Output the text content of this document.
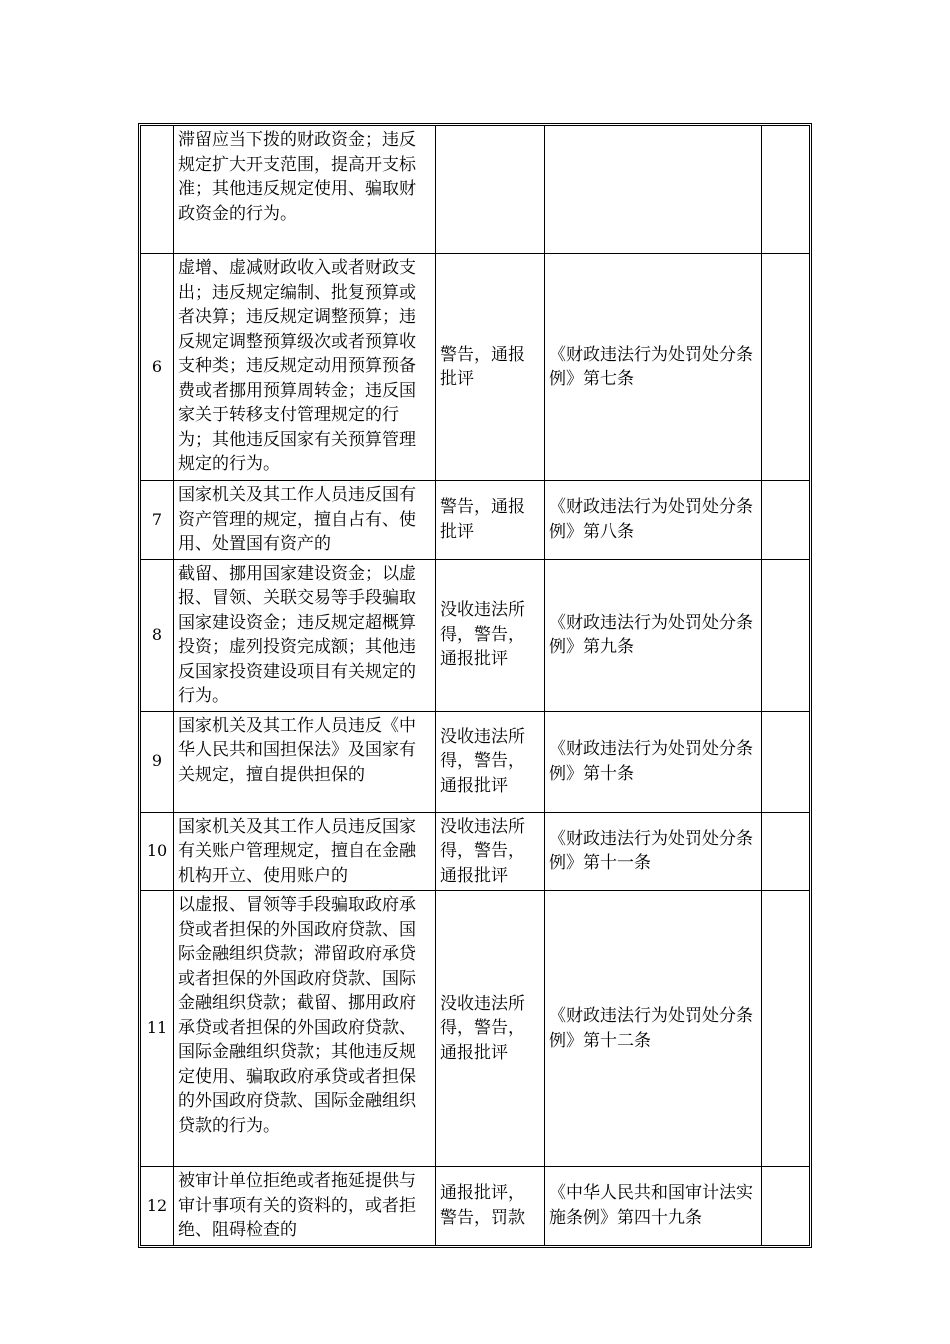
	滞留应当下拨的财政资金；违反规定扩大开支范围，提高开支标准；其他违反规定使用、骗取财政资金的行为。			
6	虚增、虚减财政收入或者财政支出；违反规定编制、批复预算或者决算；违反规定调整预算；违反规定调整预算级次或者预算收支种类；违反规定动用预算预备费或者挪用预算周转金；违反国家关于转移支付管理规定的行为；其他违反国家有关预算管理规定的行为。	警告，通报批评	《财政违法行为处罚处分条例》第七条	
7	国家机关及其工作人员违反国有资产管理的规定，擅自占有、使用、处置国有资产的	警告，通报批评	《财政违法行为处罚处分条例》第八条	
8	截留、挪用国家建设资金；以虚报、冒领、关联交易等手段骗取国家建设资金；违反规定超概算投资；虚列投资完成额；其他违反国家投资建设项目有关规定的行为。	没收违法所得，警告，通报批评	《财政违法行为处罚处分条例》第九条	
9	国家机关及其工作人员违反《中华人民共和国担保法》及国家有关规定，擅自提供担保的	没收违法所得，警告，通报批评	《财政违法行为处罚处分条例》第十条	
10	国家机关及其工作人员违反国家有关账户管理规定，擅自在金融机构开立、使用账户的	没收违法所得，警告，通报批评	《财政违法行为处罚处分条例》第十一条	
11	以虚报、冒领等手段骗取政府承贷或者担保的外国政府贷款、国际金融组织贷款；滞留政府承贷或者担保的外国政府贷款、国际金融组织贷款；截留、挪用政府承贷或者担保的外国政府贷款、国际金融组织贷款；其他违反规定使用、骗取政府承贷或者担保的外国政府贷款、国际金融组织贷款的行为。	没收违法所得，警告，通报批评	《财政违法行为处罚处分条例》第十二条	
12	被审计单位拒绝或者拖延提供与审计事项有关的资料的，或者拒绝、阻碍检查的	通报批评，警告，罚款	《中华人民共和国审计法实施条例》第四十九条	
